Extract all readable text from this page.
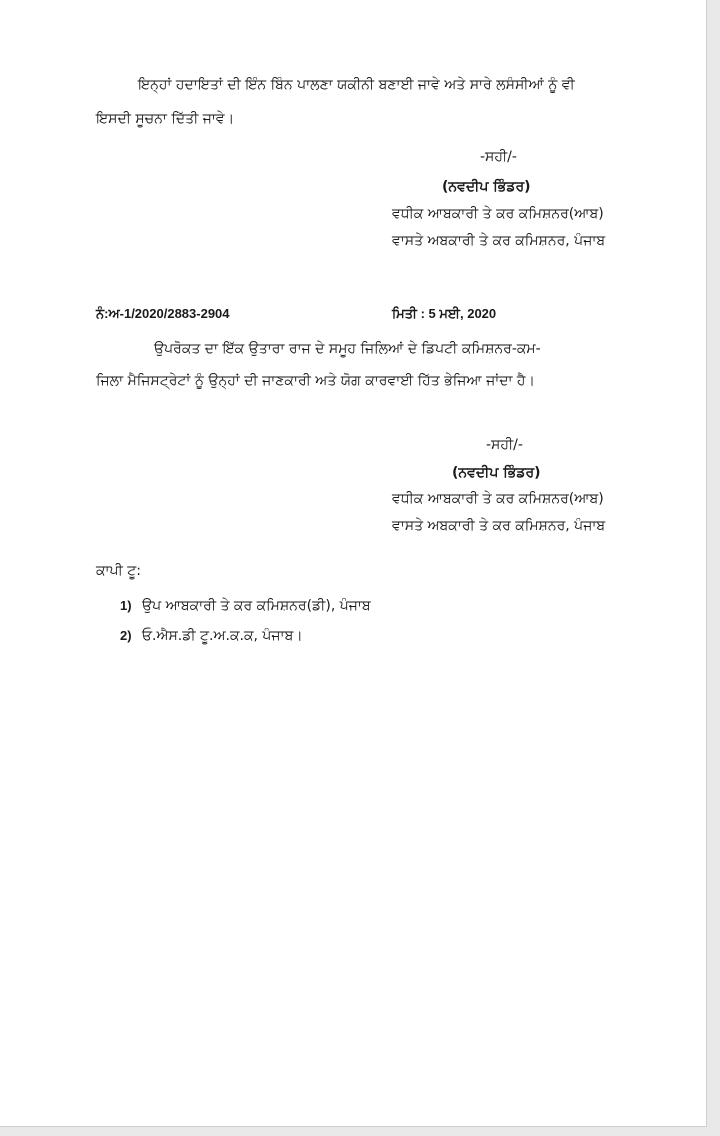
ਇਨ੍ਹਾਂ ਹਦਾਇਤਾਂ ਦੀ ਇੰਨ ਬਿੰਨ ਪਾਲਣਾ ਯਕੀਨੀ ਬਣਾਈ ਜਾਵੇ ਅਤੇ ਸਾਰੇ ਲਸੰਸੀਆਂ ਨੂੰ ਵੀ
ਇਸਦੀ ਸੂਚਨਾ ਦਿੱਤੀ ਜਾਵੇ।
-ਸਹੀ/-
(ਨਵਦੀਪ ਭਿੰਡਰ)
ਵਧੀਕ ਆਬਕਾਰੀ ਤੇ ਕਰ ਕਮਿਸ਼ਨਰ(ਆਬ)
ਵਾਸਤੇ ਅਬਕਾਰੀ ਤੇ ਕਰ ਕਮਿਸ਼ਨਰ, ਪੰਜਾਬ
ਨੰ:ਅ-1/2020/2883-2904	ਮਿਤੀ : 5 ਮਈ, 2020
ਉਪਰੋਕਤ ਦਾ ਇੱਕ ਉਤਾਰਾ ਰਾਜ ਦੇ ਸਮੂਹ ਜਿਲਿਆਂ ਦੇ ਡਿਪਟੀ ਕਮਿਸ਼ਨਰ-ਕਮ-
ਜਿਲਾ ਮੈਜਿਸਟ੍ਰੇਟਾਂ ਨੂੰ ਉਨ੍ਹਾਂ ਦੀ ਜਾਣਕਾਰੀ ਅਤੇ ਯੋਗ ਕਾਰਵਾਈ ਹਿੱਤ ਭੇਜਿਆ ਜਾਂਦਾ ਹੈ।
-ਸਹੀ/-
(ਨਵਦੀਪ ਭਿੰਡਰ)
ਵਧੀਕ ਆਬਕਾਰੀ ਤੇ ਕਰ ਕਮਿਸ਼ਨਰ(ਆਬ)
ਵਾਸਤੇ ਅਬਕਾਰੀ ਤੇ ਕਰ ਕਮਿਸ਼ਨਰ, ਪੰਜਾਬ
ਕਾਪੀ ਟੂ:
1) ਉਪ ਆਬਕਾਰੀ ਤੇ ਕਰ ਕਮਿਸ਼ਨਰ(ਡੀ), ਪੰਜਾਬ
2) ਓ.ਐਸ.ਡੀ ਟੂ.ਅ.ਕ.ਕ, ਪੰਜਾਬ।
